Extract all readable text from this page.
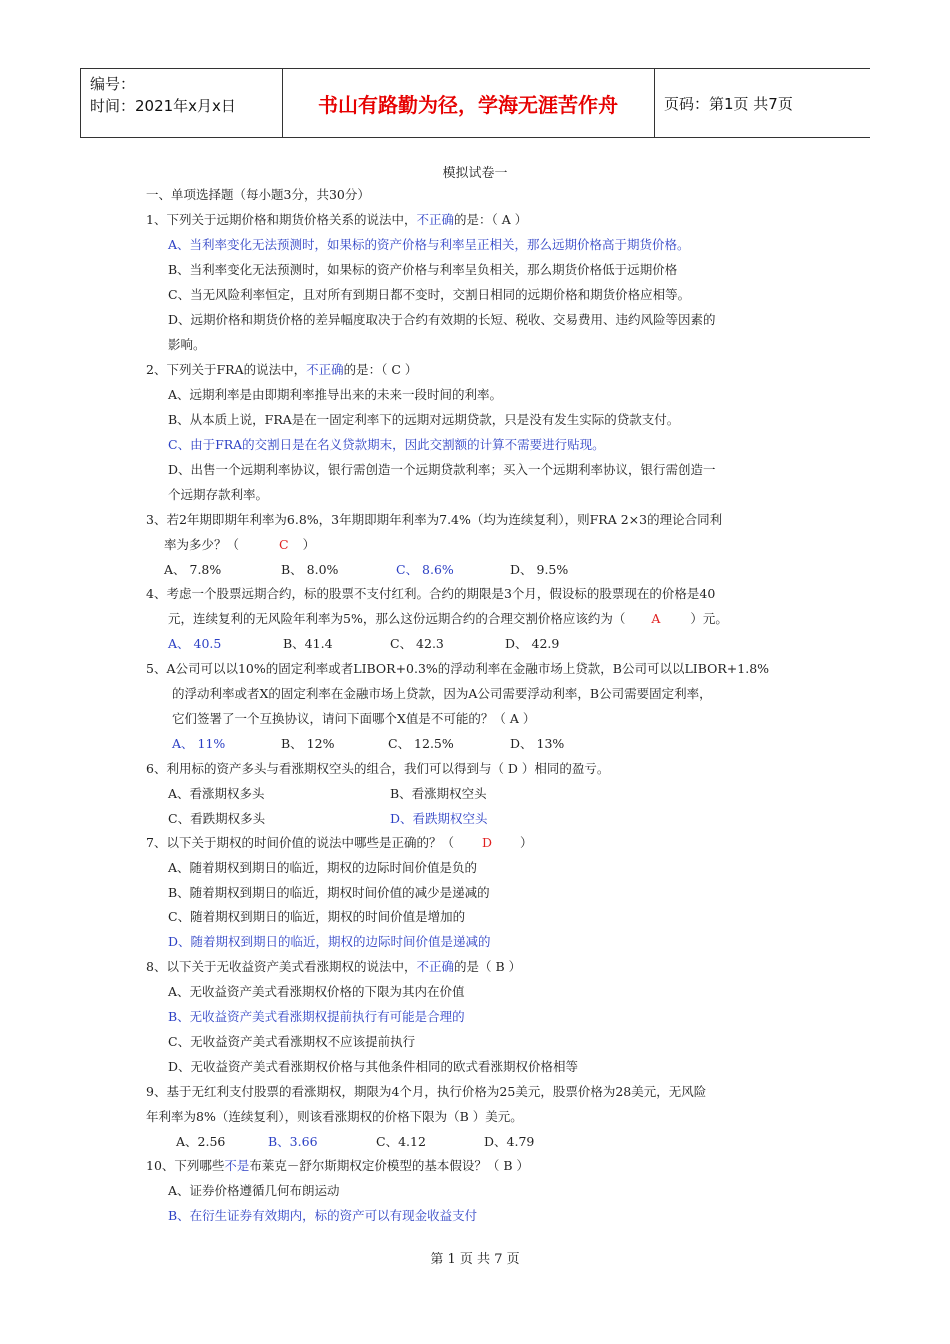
编号：
时间：2021年x月x日	书山有路勤为径，学海无涯苦作舟	页码：第1页 共7页
模拟试卷一
一、单项选择题（每小题3分，共30分）
1、下列关于远期价格和期货价格关系的说法中，不正确的是：（ A ）
A、当利率变化无法预测时，如果标的资产价格与利率呈正相关，那么远期价格高于期货价格。
B、当利率变化无法预测时，如果标的资产价格与利率呈负相关，那么期货价格低于远期价格
C、当无风险利率恒定，且对所有到期日都不变时，交割日相同的远期价格和期货价格应相等。
D、远期价格和期货价格的差异幅度取决于合约有效期的长短、税收、交易费用、违约风险等因素的
影响。
2、下列关于FRA的说法中，不正确的是：（ C ）
A、远期利率是由即期利率推导出来的未来一段时间的利率。
B、从本质上说，FRA是在一固定利率下的远期对远期贷款，只是没有发生实际的贷款支付。
C、由于FRA的交割日是在名义贷款期末，因此交割额的计算不需要进行贴现。
D、出售一个远期利率协议，银行需创造一个远期贷款利率；买入一个远期利率协议，银行需创造一
个远期存款利率。
3、若2年期即期年利率为6.8%，3年期即期年利率为7.4%（均为连续复利），则FRA 2×3的理论合同利
率为多少？（	C ）
A、 7.8%	B、 8.0%	C、 8.6%	D、 9.5%
4、考虑一个股票远期合约，标的股票不支付红利。合约的期限是3个月，假设标的股票现在的价格是40
元，连续复利的无风险年利率为5%，那么这份远期合约的合理交割价格应该约为（ A ）元。
A、 40.5	B、41.4	C、 42.3	D、 42.9
5、A公司可以以10%的固定利率或者LIBOR+0.3%的浮动利率在金融市场上贷款，B公司可以以LIBOR+1.8%
的浮动利率或者X的固定利率在金融市场上贷款，因为A公司需要浮动利率，B公司需要固定利率，
它们签署了一个互换协议，请问下面哪个X值是不可能的？（ A ）
A、 11%	B、 12%	C、 12.5%	D、 13%
6、利用标的资产多头与看涨期权空头的组合，我们可以得到与（ D ）相同的盈亏。
A、看涨期权多头	B、看涨期权空头
C、看跌期权多头	D、看跌期权空头
7、以下关于期权的时间价值的说法中哪些是正确的？（ D ）
A、随着期权到期日的临近，期权的边际时间价值是负的
B、随着期权到期日的临近，期权时间价值的减少是递减的
C、随着期权到期日的临近，期权的时间价值是增加的
D、随着期权到期日的临近，期权的边际时间价值是递减的
8、以下关于无收益资产美式看涨期权的说法中，不正确的是（ B ）
A、无收益资产美式看涨期权价格的下限为其内在价值
B、无收益资产美式看涨期权提前执行有可能是合理的
C、无收益资产美式看涨期权不应该提前执行
D、无收益资产美式看涨期权价格与其他条件相同的欧式看涨期权价格相等
9、基于无红利支付股票的看涨期权，期限为4个月，执行价格为25美元，股票价格为28美元，无风险
年利率为8%（连续复利），则该看涨期权的价格下限为（B ）美元。
A、2.56	B、3.66	C、4.12	D、4.79
10、下列哪些不是布莱克－舒尔斯期权定价模型的基本假设？（ B ）
A、证券价格遵循几何布朗运动
B、在衍生证券有效期内，标的资产可以有现金收益支付
第 1 页 共 7 页
